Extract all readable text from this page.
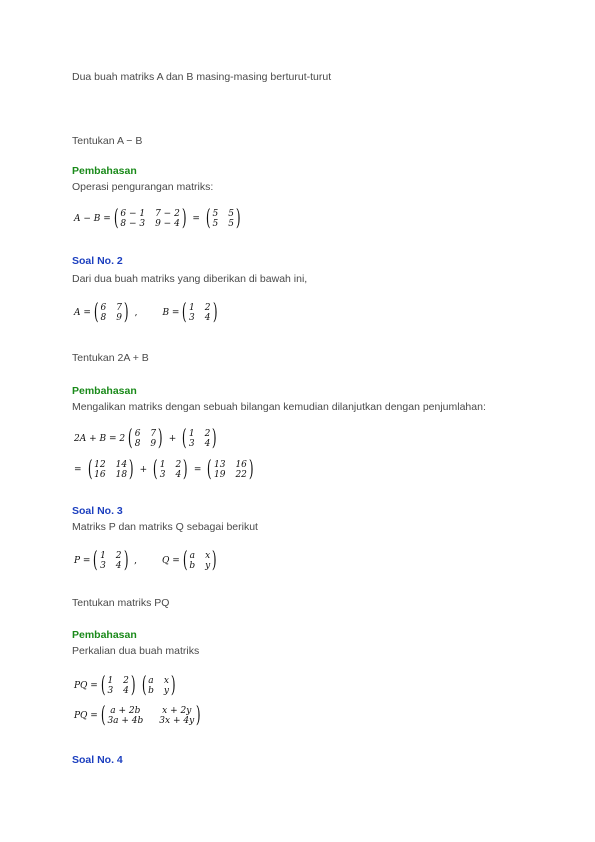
Dua buah matriks A dan B masing-masing berturut-turut
Tentukan A − B
Pembahasan
Operasi pengurangan matriks:
A − B = ( 6 − 1 7 − 2
8 − 3 9 − 4 ) = ( 5 5
5 5 )
Soal No. 2
Dari dua buah matriks yang diberikan di bawah ini,
A = ( 6 7
8 9 ) ,	B = ( 1 2
3 4 )
Tentukan 2A + B
Pembahasan
Mengalikan matriks dengan sebuah bilangan kemudian dilanjutkan dengan penjumlahan:
2A + B = 2 ( 6 7
8 9 ) + ( 1 2
3 4 )
= ( 12 14
16 18 ) + ( 1 2
3 4 ) = ( 13 16
19 22 )
Soal No. 3
Matriks P dan matriks Q sebagai berikut
P = ( 1 2
3 4 ) ,	Q = ( a x
b y )
Tentukan matriks PQ
Pembahasan
Perkalian dua buah matriks
PQ = ( 1 2
3 4 ) ( a x
b y )
PQ = ( a + 2b	x + 2y
3a + 4b 3x + 4y )
Soal No. 4
